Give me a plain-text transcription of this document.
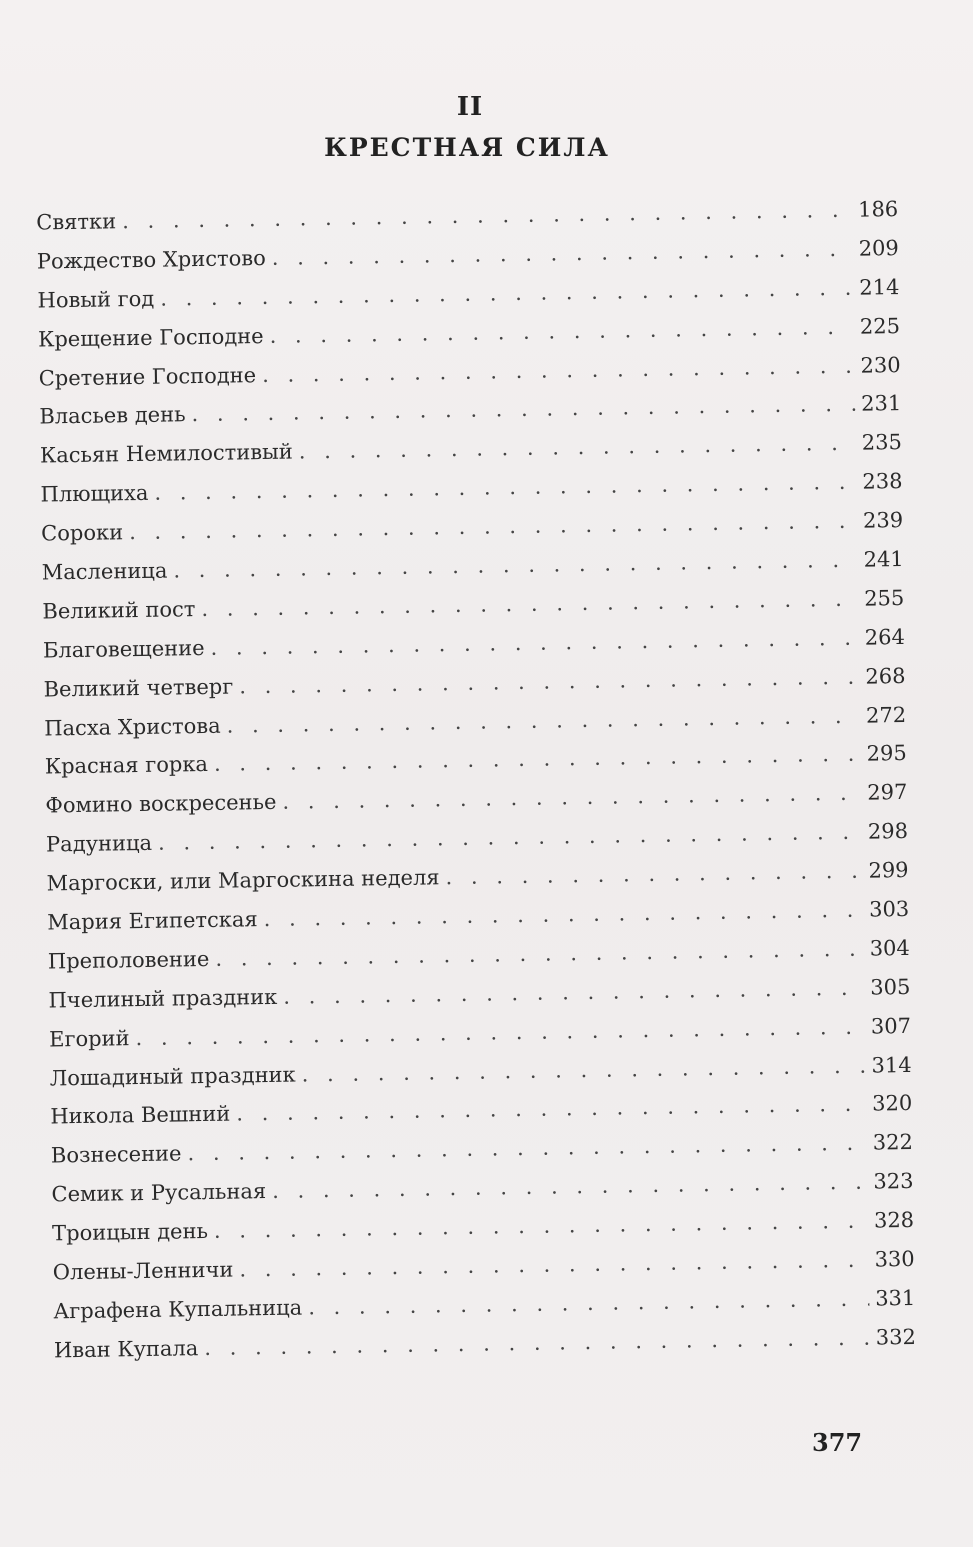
II
КРЕСТНАЯ СИЛА
Святки . . .	186
Рождество Христово . . .	209
Новый год . . .	214
Крещение Господне . . .	225
Сретение Господне . . .	230
Власьев день . . .	231
Касьян Немилостивый . . .	235
Плющиха . . .	238
Сороки . . .	239
Масленица . . .	241
Великий пост . . .	255
Благовещение . . .	264
Великий четверг . . .	268
Пасха Христова . . .	272
Красная горка . . .	295
Фомино воскресенье . . .	297
Радуница . . .	298
Маргоски, или Маргоскина неделя . . .	299
Мария Египетская . . .	303
Преполовение . . .	304
Пчелиный праздник . . .	305
Егорий . . .	307
Лошадиный праздник . . .	314
Никола Вешний . . .	320
Вознесение . . .	322
Семик и Русальная . . .	323
Троицын день . . .	328
Олены-Ленничи . . .	330
Аграфена Купальница . . .	331
Иван Купала . . .	332
377
